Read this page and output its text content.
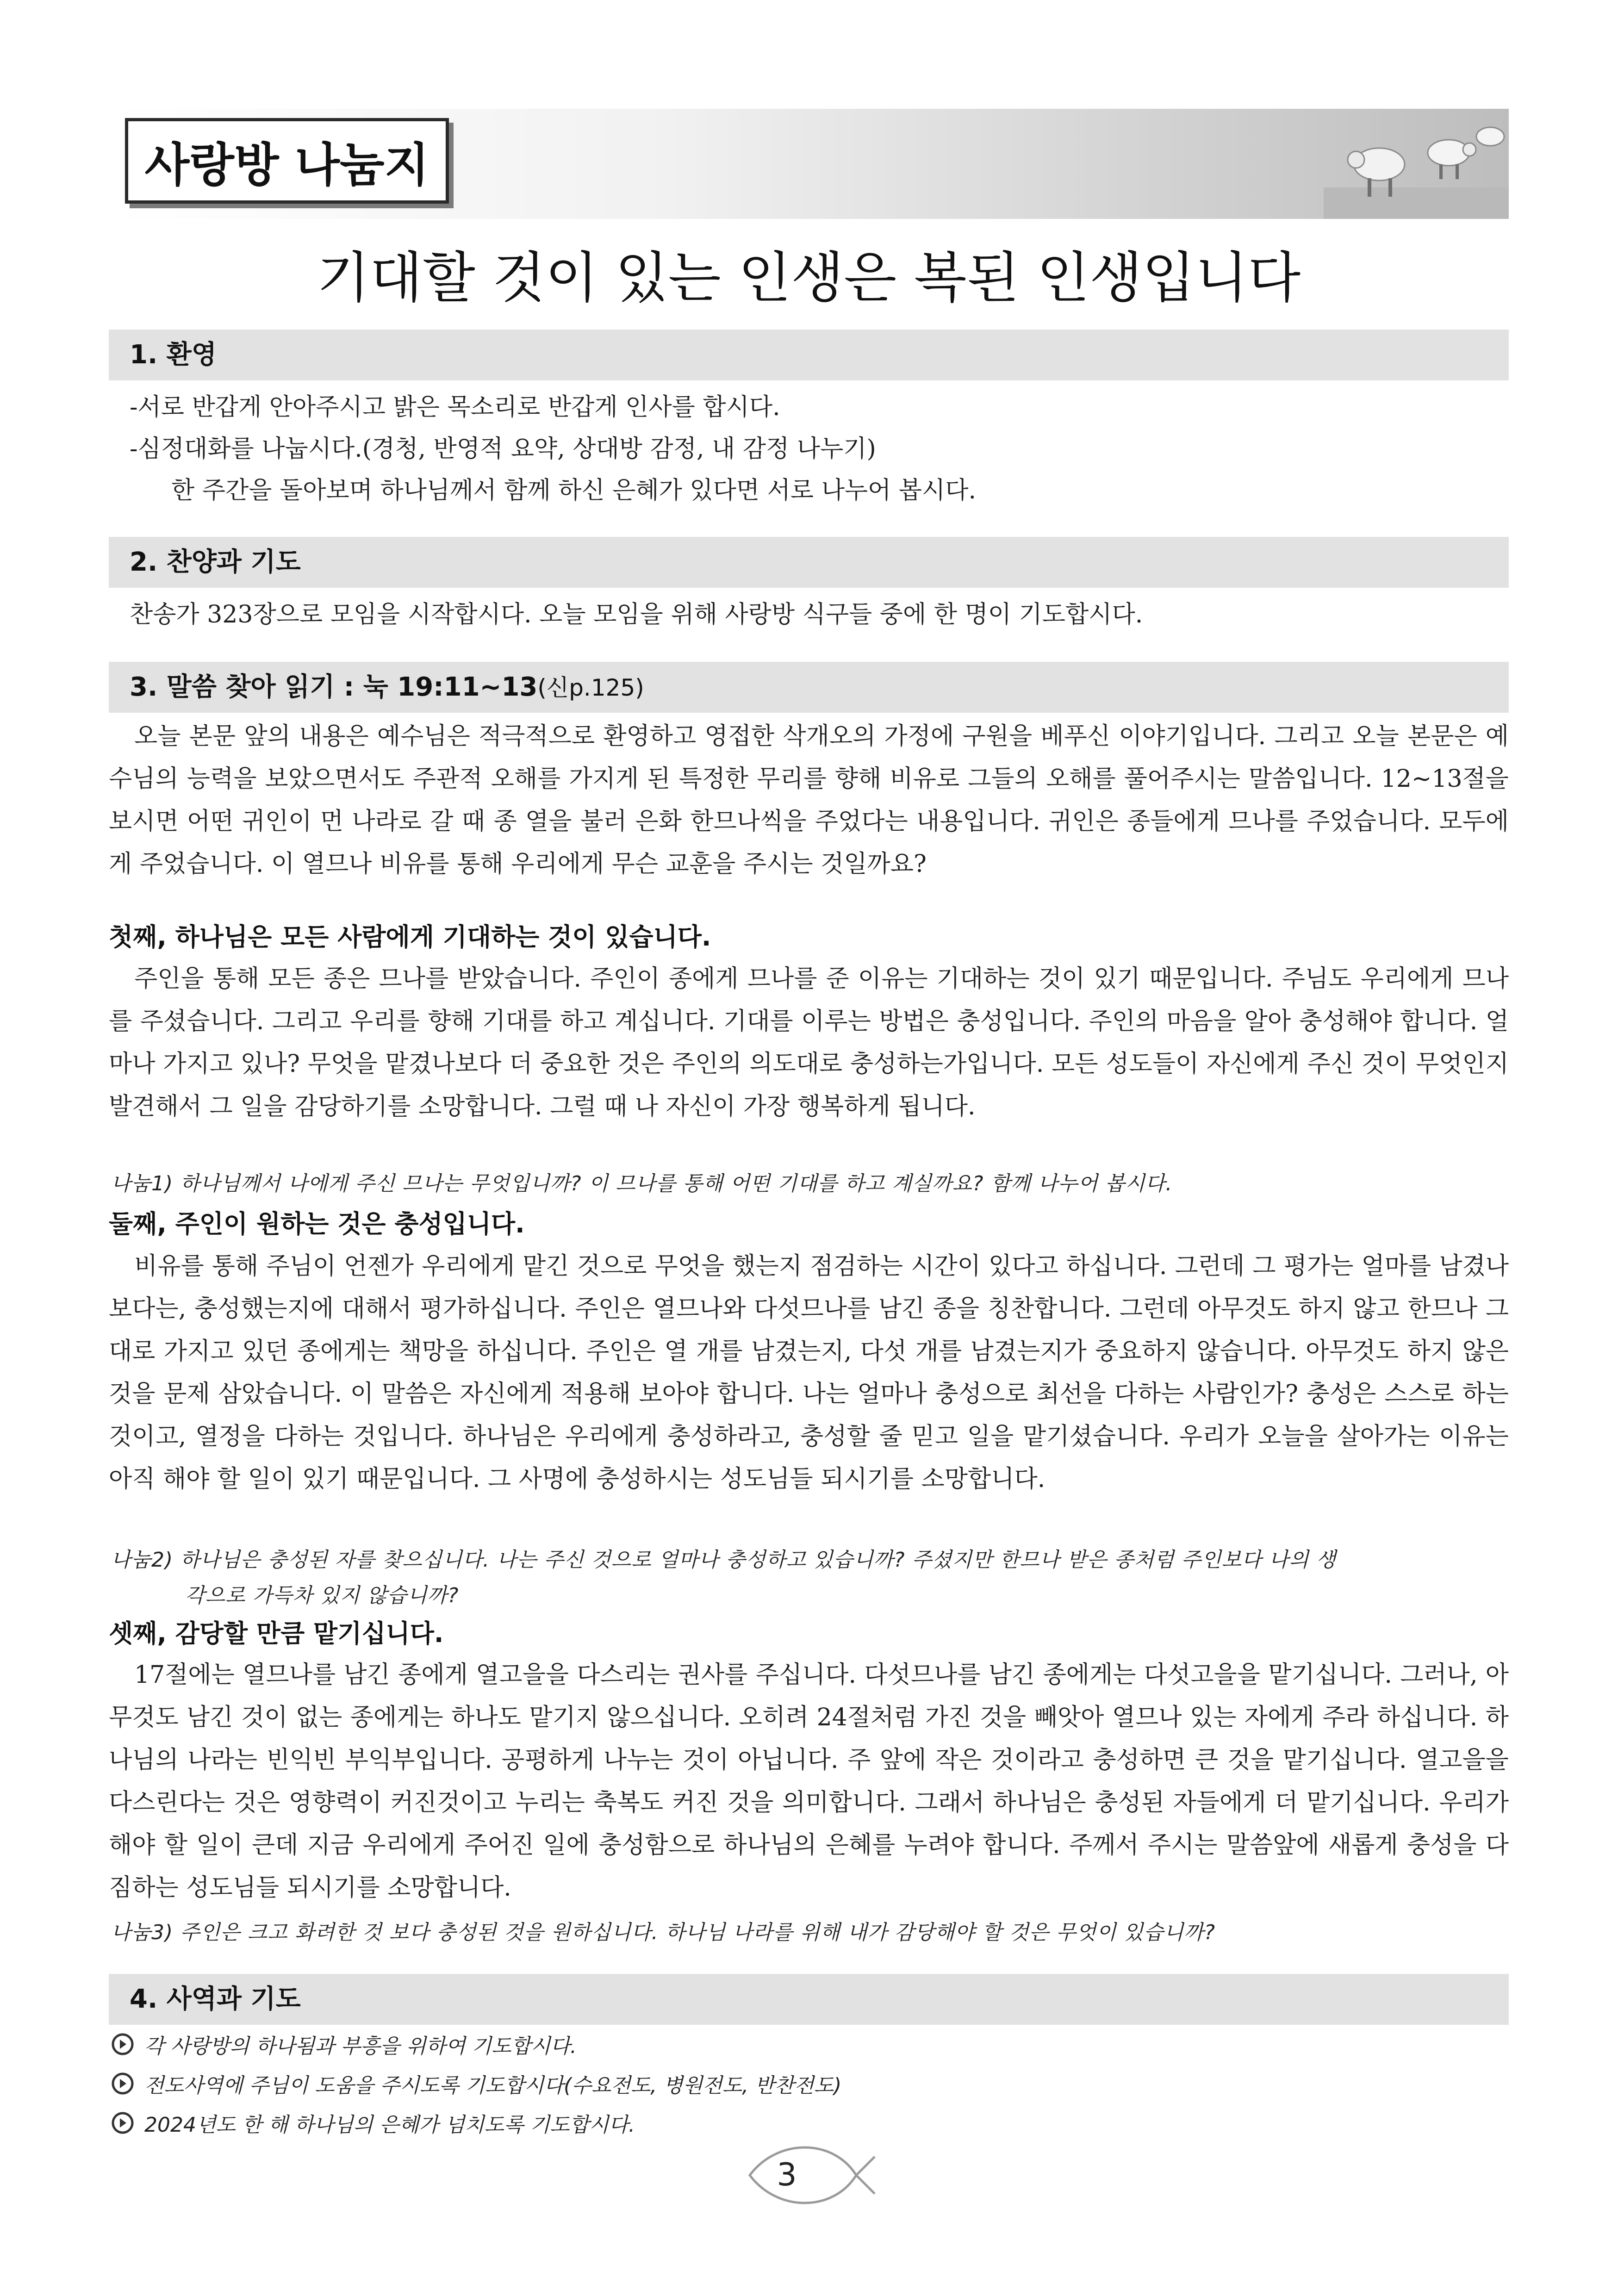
사랑방 나눔지
기대할 것이 있는 인생은 복된 인생입니다
1. 환영
-서로 반갑게 안아주시고 밝은 목소리로 반갑게 인사를 합시다.
-심정대화를 나눕시다.(경청, 반영적 요약, 상대방 감정, 내 감정 나누기)
한 주간을 돌아보며 하나님께서 함께 하신 은혜가 있다면 서로 나누어 봅시다.
2. 찬양과 기도
찬송가 323장으로 모임을 시작합시다. 오늘 모임을 위해 사랑방 식구들 중에 한 명이 기도합시다.
3. 말씀 찾아 읽기 : 눅 19:11~13(신p.125)

오늘 본문 앞의 내용은 예수님은 적극적으로 환영하고 영접한 삭개오의 가정에 구원을 베푸신 이야기입니다. 그리고 오늘 본문은 예수님의 능력을 보았으면서도 주관적 오해를 가지게 된 특정한 무리를 향해 비유로 그들의 오해를 풀어주시는 말씀입니다. 12~13절을 보시면 어떤 귀인이 먼 나라로 갈 때 종 열을 불러 은화 한므나씩을 주었다는 내용입니다. 귀인은 종들에게 므나를 주었습니다. 모두에게 주었습니다. 이 열므나 비유를 통해 우리에게 무슨 교훈을 주시는 것일까요?

첫째, 하나님은 모든 사람에게 기대하는 것이 있습니다.

주인을 통해 모든 종은 므나를 받았습니다. 주인이 종에게 므나를 준 이유는 기대하는 것이 있기 때문입니다. 주님도 우리에게 므나를 주셨습니다. 그리고 우리를 향해 기대를 하고 계십니다. 기대를 이루는 방법은 충성입니다. 주인의 마음을 알아 충성해야 합니다. 얼마나 가지고 있나? 무엇을 맡겼나보다 더 중요한 것은 주인의 의도대로 충성하는가입니다. 모든 성도들이 자신에게 주신 것이 무엇인지 발견해서 그 일을 감당하기를 소망합니다. 그럴 때 나 자신이 가장 행복하게 됩니다.

나눔1) 하나님께서 나에게 주신 므나는 무엇입니까? 이 므나를 통해 어떤 기대를 하고 계실까요? 함께 나누어 봅시다.
둘째, 주인이 원하는 것은 충성입니다.

비유를 통해 주님이 언젠가 우리에게 맡긴 것으로 무엇을 했는지 점검하는 시간이 있다고 하십니다. 그런데 그 평가는 얼마를 남겼나 보다는, 충성했는지에 대해서 평가하십니다. 주인은 열므나와 다섯므나를 남긴 종을 칭찬합니다. 그런데 아무것도 하지 않고 한므나 그대로 가지고 있던 종에게는 책망을 하십니다. 주인은 열 개를 남겼는지, 다섯 개를 남겼는지가 중요하지 않습니다. 아무것도 하지 않은 것을 문제 삼았습니다. 이 말씀은 자신에게 적용해 보아야 합니다. 나는 얼마나 충성으로 최선을 다하는 사람인가? 충성은 스스로 하는 것이고, 열정을 다하는 것입니다. 하나님은 우리에게 충성하라고, 충성할 줄 믿고 일을 맡기셨습니다. 우리가 오늘을 살아가는 이유는 아직 해야 할 일이 있기 때문입니다. 그 사명에 충성하시는 성도님들 되시기를 소망합니다.

나눔2) 하나님은 충성된 자를 찾으십니다. 나는 주신 것으로 얼마나 충성하고 있습니까? 주셨지만 한므나 받은 종처럼 주인보다 나의 생
각으로 가득차 있지 않습니까?
셋째, 감당할 만큼 맡기십니다.

17절에는 열므나를 남긴 종에게 열고을을 다스리는 권사를 주십니다. 다섯므나를 남긴 종에게는 다섯고을을 맡기십니다. 그러나, 아무것도 남긴 것이 없는 종에게는 하나도 맡기지 않으십니다. 오히려 24절처럼 가진 것을 빼앗아 열므나 있는 자에게 주라 하십니다. 하나님의 나라는 빈익빈 부익부입니다. 공평하게 나누는 것이 아닙니다. 주 앞에 작은 것이라고 충성하면 큰 것을 맡기십니다. 열고을을 다스린다는 것은 영향력이 커진것이고 누리는 축복도 커진 것을 의미합니다. 그래서 하나님은 충성된 자들에게 더 맡기십니다. 우리가 해야 할 일이 큰데 지금 우리에게 주어진 일에 충성함으로 하나님의 은혜를 누려야 합니다. 주께서 주시는 말씀앞에 새롭게 충성을 다짐하는 성도님들 되시기를 소망합니다.

나눔3) 주인은 크고 화려한 것 보다 충성된 것을 원하십니다. 하나님 나라를 위해 내가 감당해야 할 것은 무엇이 있습니까?
4. 사역과 기도
각 사랑방의 하나됨과 부흥을 위하여 기도합시다.
전도사역에 주님이 도움을 주시도록 기도합시다(수요전도, 병원전도, 반찬전도)
2024년도 한 해 하나님의 은혜가 넘치도록 기도합시다.
3
